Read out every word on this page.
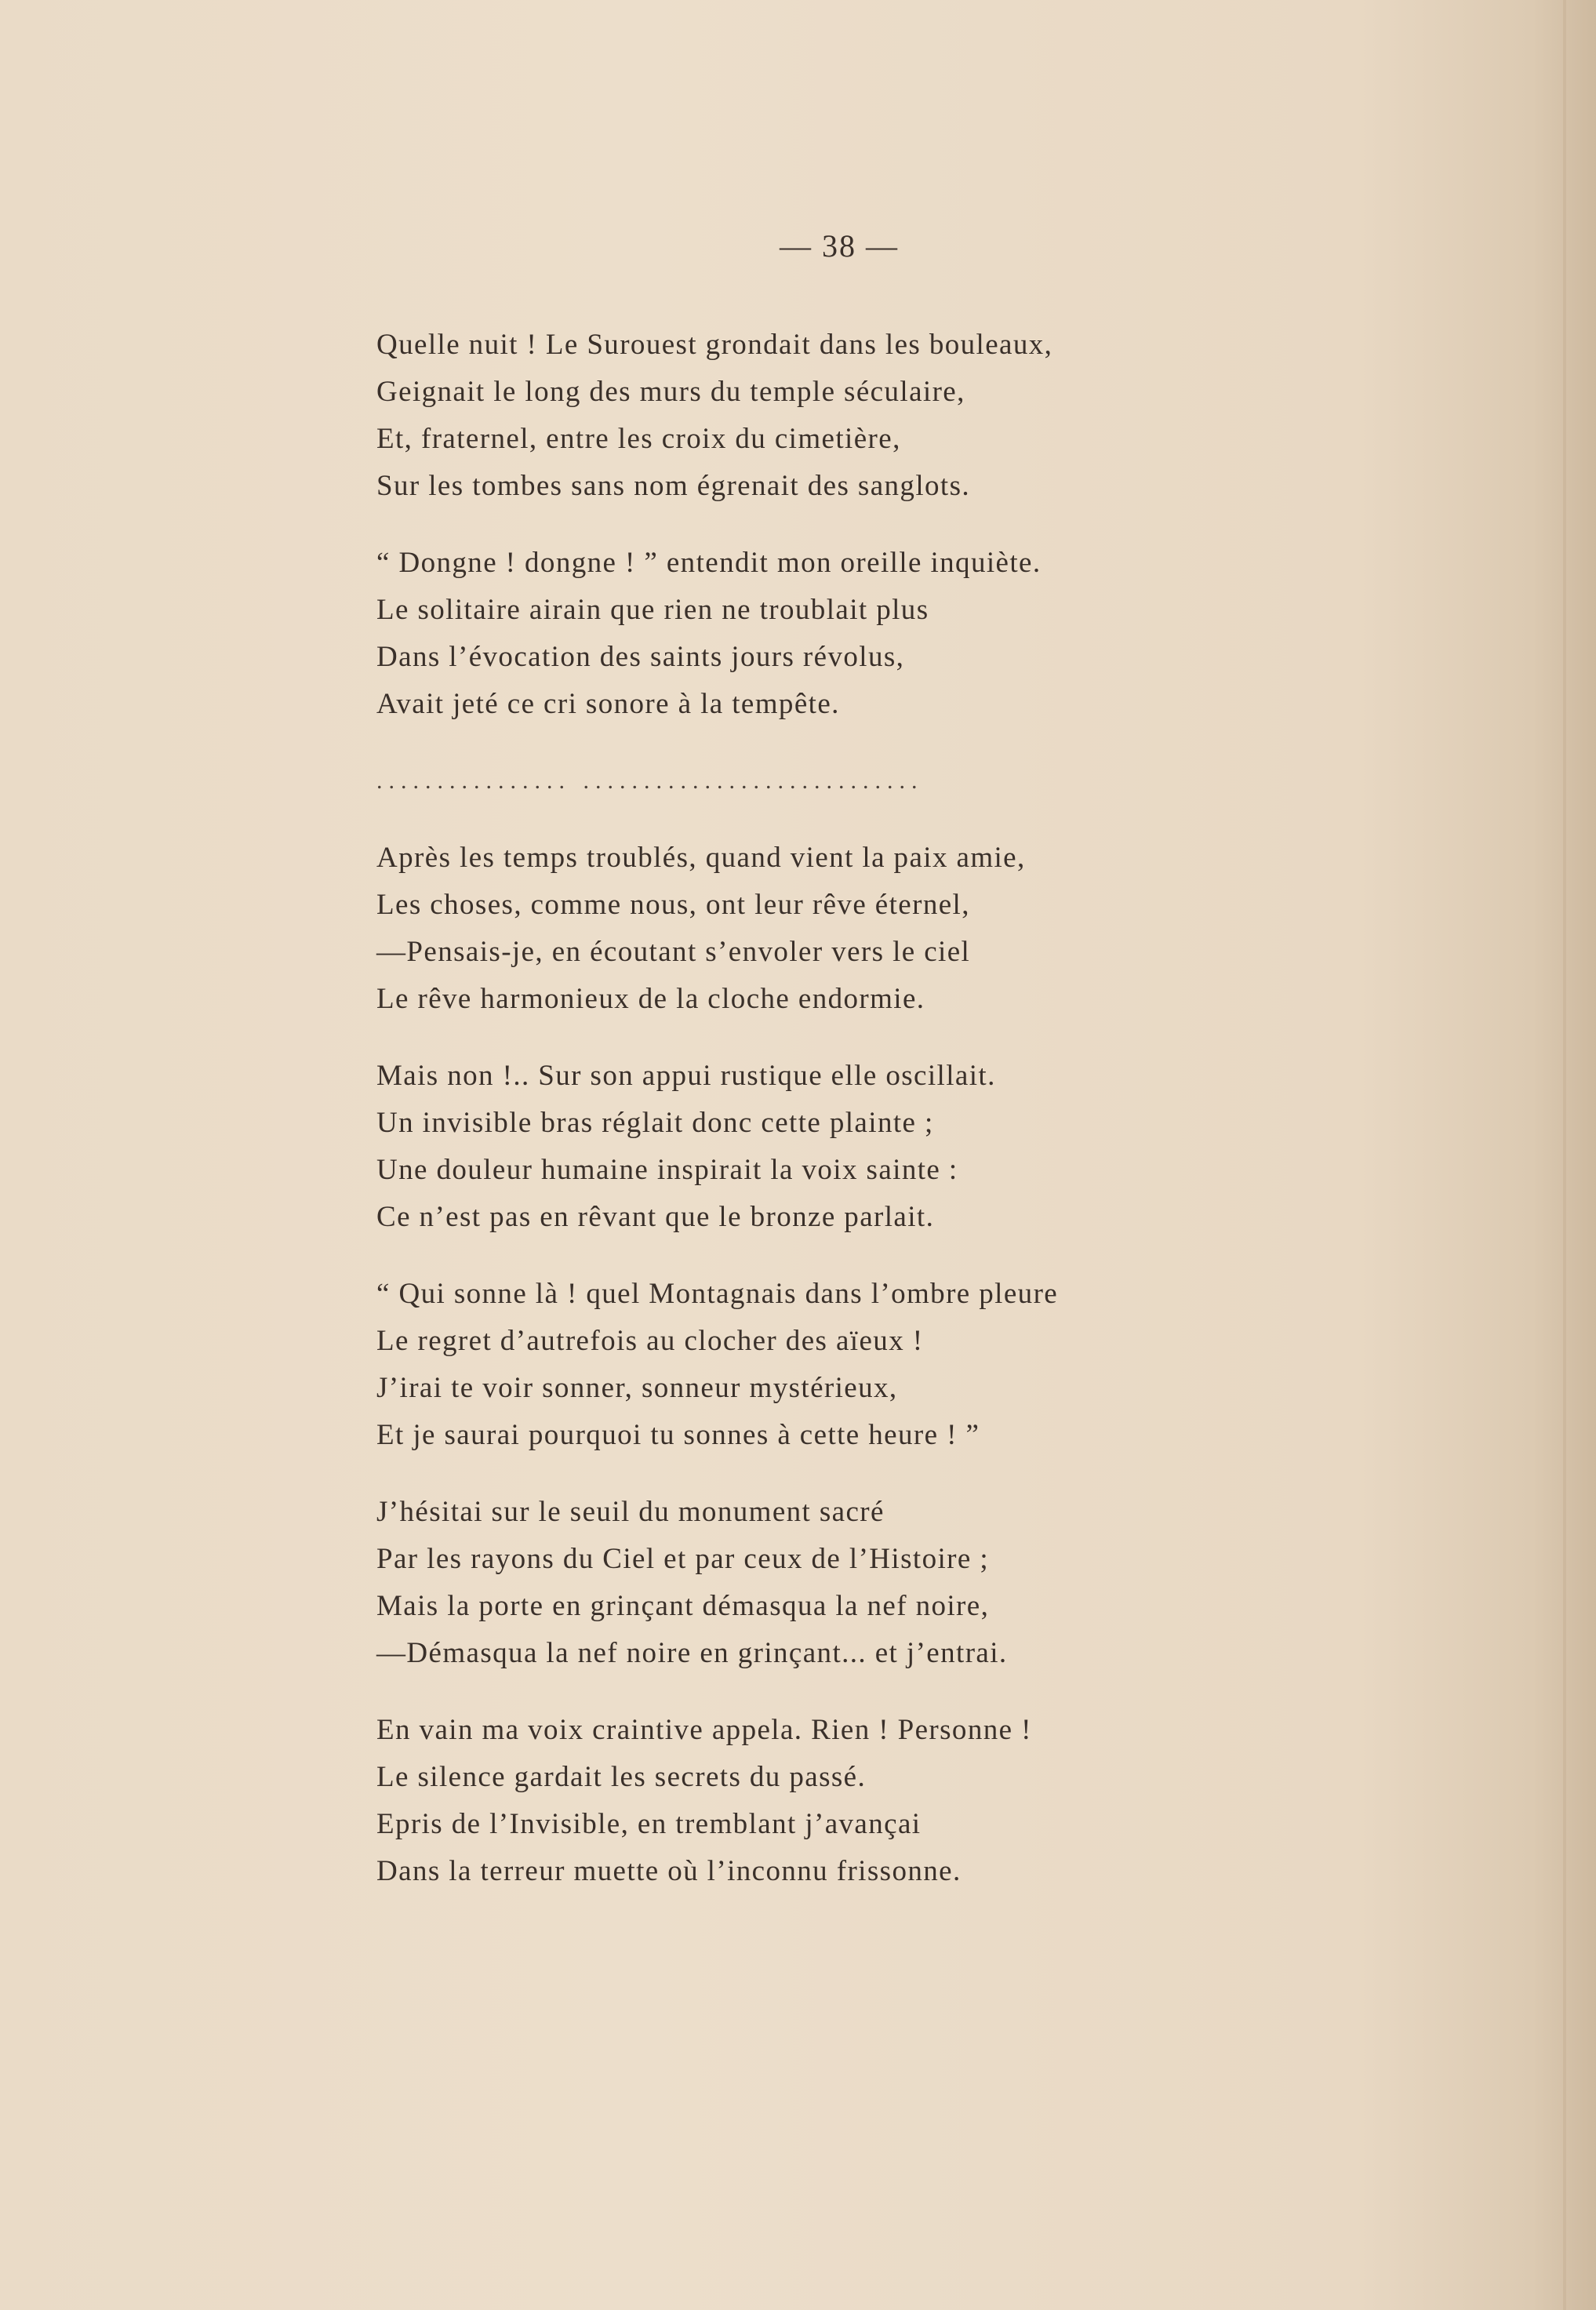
— 38 —
Quelle nuit ! Le Surouest grondait dans les bouleaux,
Geignait le long des murs du temple séculaire,
Et, fraternel, entre les croix du cimetière,
Sur les tombes sans nom égrenait des sanglots.
“ Dongne ! dongne ! ” entendit mon oreille inquiète.
Le solitaire airain que rien ne troublait plus
Dans l’évocation des saints jours révolus,
Avait jeté ce cri sonore à la tempête.
................ ............................
Après les temps troublés, quand vient la paix amie,
Les choses, comme nous, ont leur rêve éternel,
—Pensais-je, en écoutant s’envoler vers le ciel
Le rêve harmonieux de la cloche endormie.
Mais non !.. Sur son appui rustique elle oscillait.
Un invisible bras réglait donc cette plainte ;
Une douleur humaine inspirait la voix sainte :
Ce n’est pas en rêvant que le bronze parlait.
“ Qui sonne là ! quel Montagnais dans l’ombre pleure
Le regret d’autrefois au clocher des aïeux !
J’irai te voir sonner, sonneur mystérieux,
Et je saurai pourquoi tu sonnes à cette heure ! ”
J’hésitai sur le seuil du monument sacré
Par les rayons du Ciel et par ceux de l’Histoire ;
Mais la porte en grinçant démasqua la nef noire,
—Démasqua la nef noire en grinçant... et j’entrai.
En vain ma voix craintive appela. Rien ! Personne !
Le silence gardait les secrets du passé.
Epris de l’Invisible, en tremblant j’avançai
Dans la terreur muette où l’inconnu frissonne.
